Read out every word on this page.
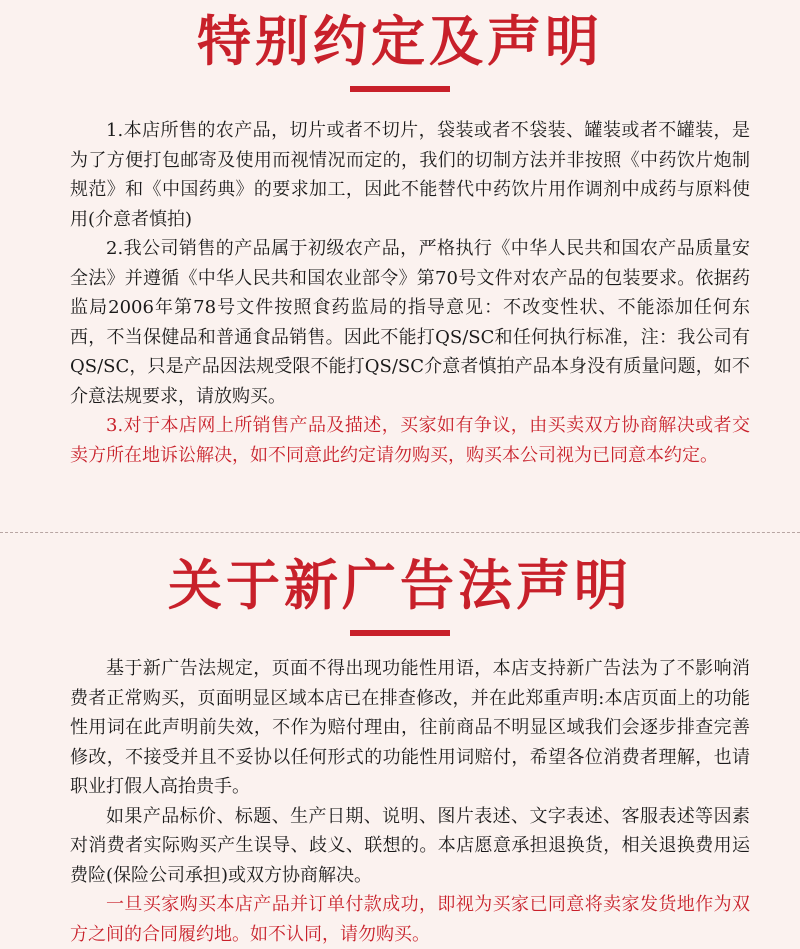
特别约定及声明

1.本店所售的农产品，切片或者不切片，袋装或者不袋装、罐装或者不罐装，是为了方便打包邮寄及使用而视情况而定的，我们的切制方法并非按照《中药饮片炮制规范》和《中国药典》的要求加工，因此不能替代中药饮片用作调剂中成药与原料使用(介意者慎拍)

2.我公司销售的产品属于初级农产品，严格执行《中华人民共和国农产品质量安全法》并遵循《中华人民共和国农业部令》第70号文件对农产品的包装要求。依据药监局2006年第78号文件按照食药监局的指导意见：不改变性状、不能添加任何东西，不当保健品和普通食品销售。因此不能打QS/SC和任何执行标准，注：我公司有QS/SC，只是产品因法规受限不能打QS/SC介意者慎拍产品本身没有质量问题，如不介意法规要求，请放购买。

3.对于本店网上所销售产品及描述，买家如有争议，由买卖双方协商解决或者交卖方所在地诉讼解决，如不同意此约定请勿购买，购买本公司视为已同意本约定。

关于新广告法声明

基于新广告法规定，页面不得出现功能性用语，本店支持新广告法为了不影响消费者正常购买，页面明显区域本店已在排查修改，并在此郑重声明:本店页面上的功能性用词在此声明前失效，不作为赔付理由，往前商品不明显区域我们会逐步排查完善修改，不接受并且不妥协以任何形式的功能性用词赔付，希望各位消费者理解，也请职业打假人高抬贵手。

如果产品标价、标题、生产日期、说明、图片表述、文字表述、客服表述等因素对消费者实际购买产生误导、歧义、联想的。本店愿意承担退换货，相关退换费用运费险(保险公司承担)或双方协商解决。

一旦买家购买本店产品并订单付款成功，即视为买家已同意将卖家发货地作为双方之间的合同履约地。如不认同，请勿购买。
